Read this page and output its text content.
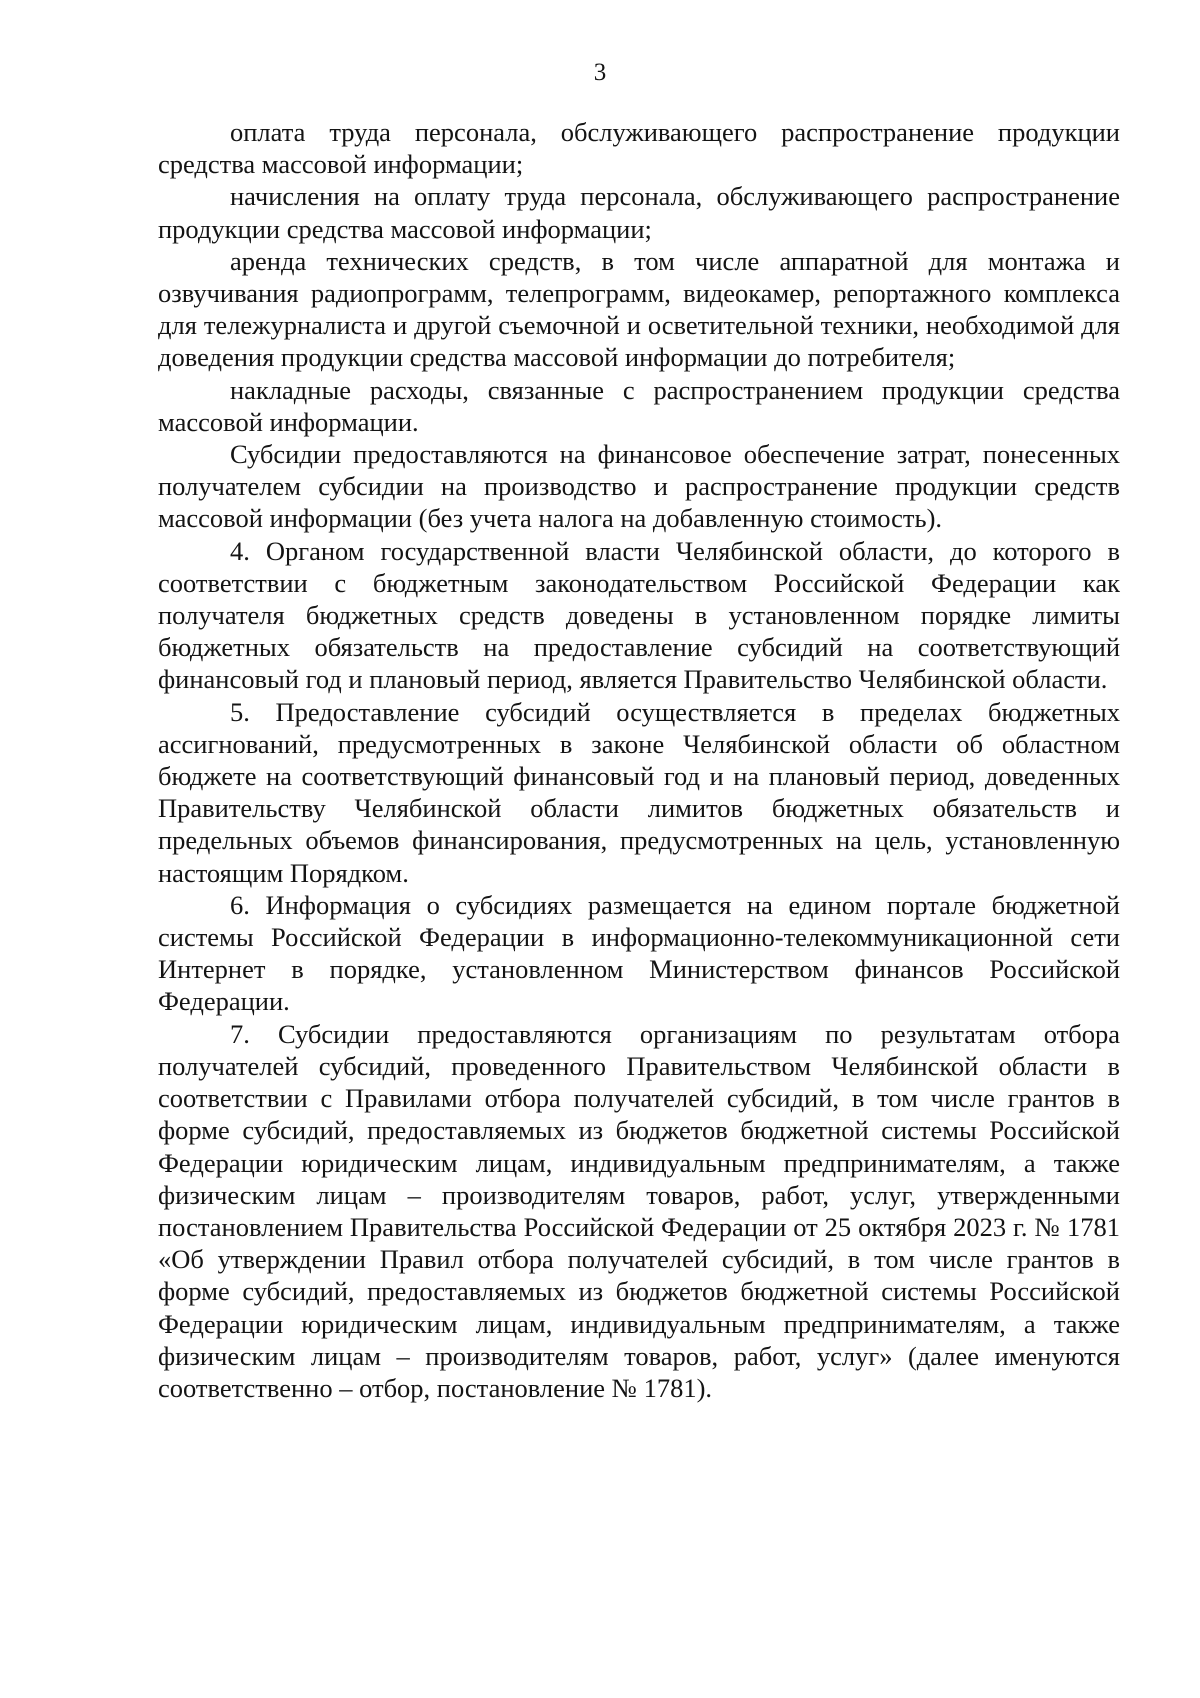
3

оплата труда персонала, обслуживающего распространение продукции средства массовой информации;

начисления на оплату труда персонала, обслуживающего распространение продукции средства массовой информации;

аренда технических средств, в том числе аппаратной для монтажа и озвучивания радиопрограмм, телепрограмм, видеокамер, репортажного комплекса для тележурналиста и другой съемочной и осветительной техники, необходимой для доведения продукции средства массовой информации до потребителя;

накладные расходы, связанные с распространением продукции средства массовой информации.

Субсидии предоставляются на финансовое обеспечение затрат, понесенных получателем субсидии на производство и распространение продукции средств массовой информации (без учета налога на добавленную стоимость).

4. Органом государственной власти Челябинской области, до которого в соответствии с бюджетным законодательством Российской Федерации как получателя бюджетных средств доведены в установленном порядке лимиты бюджетных обязательств на предоставление субсидий на соответствующий финансовый год и плановый период, является Правительство Челябинской области.

5. Предоставление субсидий осуществляется в пределах бюджетных ассигнований, предусмотренных в законе Челябинской области об областном бюджете на соответствующий финансовый год и на плановый период, доведенных Правительству Челябинской области лимитов бюджетных обязательств и предельных объемов финансирования, предусмотренных на цель, установленную настоящим Порядком.

6. Информация о субсидиях размещается на едином портале бюджетной системы Российской Федерации в информационно-телекоммуникационной сети Интернет в порядке, установленном Министерством финансов Российской Федерации.

7. Субсидии предоставляются организациям по результатам отбора получателей субсидий, проведенного Правительством Челябинской области в соответствии с Правилами отбора получателей субсидий, в том числе грантов в форме субсидий, предоставляемых из бюджетов бюджетной системы Российской Федерации юридическим лицам, индивидуальным предпринимателям, а также физическим лицам – производителям товаров, работ, услуг, утвержденными постановлением Правительства Российской Федерации от 25 октября 2023 г. № 1781 «Об утверждении Правил отбора получателей субсидий, в том числе грантов в форме субсидий, предоставляемых из бюджетов бюджетной системы Российской Федерации юридическим лицам, индивидуальным предпринимателям, а также физическим лицам – производителям товаров, работ, услуг» (далее именуются соответственно – отбор, постановление № 1781).
